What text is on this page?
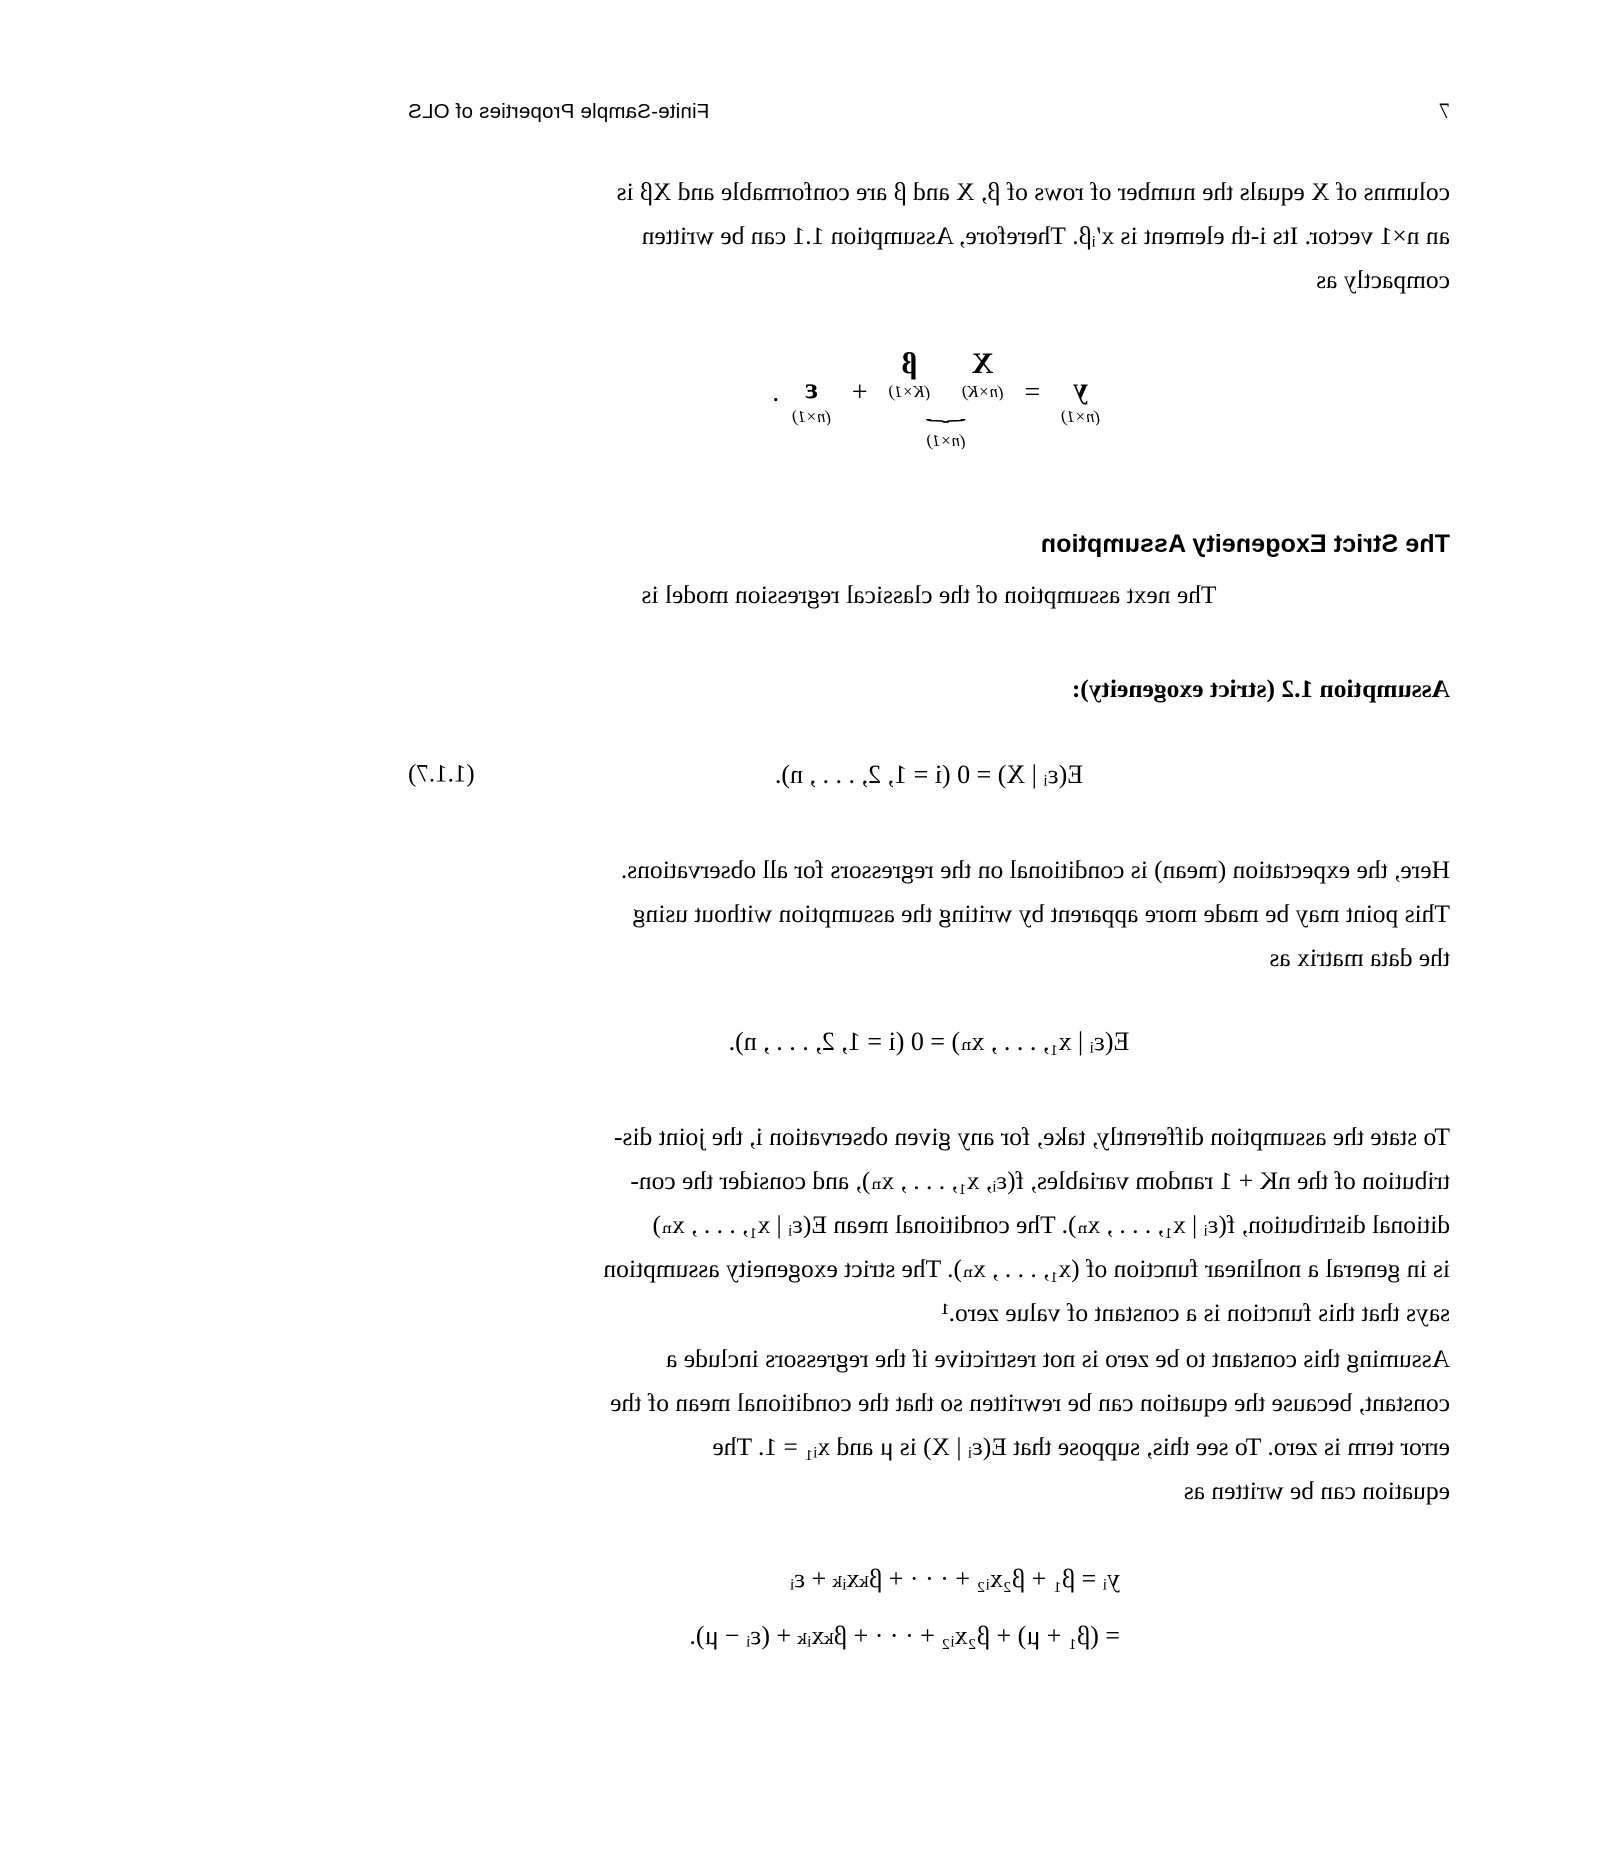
7
Finite-Sample Properties of OLS

columns of X equals the number of rows of β, X and β are conformable and Xβ is
an n×1 vector. Its i-th element is x′ᵢβ. Therefore, Assumption 1.1 can be written
compactly as

y
(n×1)
=
X
(n×K)

β
(K×1)
⏟
(n×1)
+
ε
(n×1)
.
The Strict Exogeneity Assumption

The next assumption of the classical regression model is

Assumption 1.2 (strict exogeneity):

E(εᵢ | X) = 0 (i = 1, 2, . . . , n).
(1.1.7)

Here, the expectation (mean) is conditional on the regressors for all observations.
This point may be made more apparent by writing the assumption without using
the data matrix as

E(εᵢ | x₁, . . . , xₙ) = 0 (i = 1, 2, . . . , n).

To state the assumption differently, take, for any given observation i, the joint dis-
tribution of the nK + 1 random variables, f(εᵢ, x₁, . . . , xₙ), and consider the con-
ditional distribution, f(εᵢ | x₁, . . . , xₙ). The conditional mean E(εᵢ | x₁, . . . , xₙ)
is in general a nonlinear function of (x₁, . . . , xₙ). The strict exogeneity assumption
says that this function is a constant of value zero.¹

Assuming this constant to be zero is not restrictive if the regressors include a
constant, because the equation can be rewritten so that the conditional mean of the
error term is zero. To see this, suppose that E(εᵢ | X) is μ and xᵢ₁ = 1. The
equation can be written as

yᵢ = β₁ + β₂xᵢ₂ + · · · + βₖxᵢₖ + εᵢ
= (β₁ + μ) + β₂xᵢ₂ + · · · + βₖxᵢₖ + (εᵢ − μ).
